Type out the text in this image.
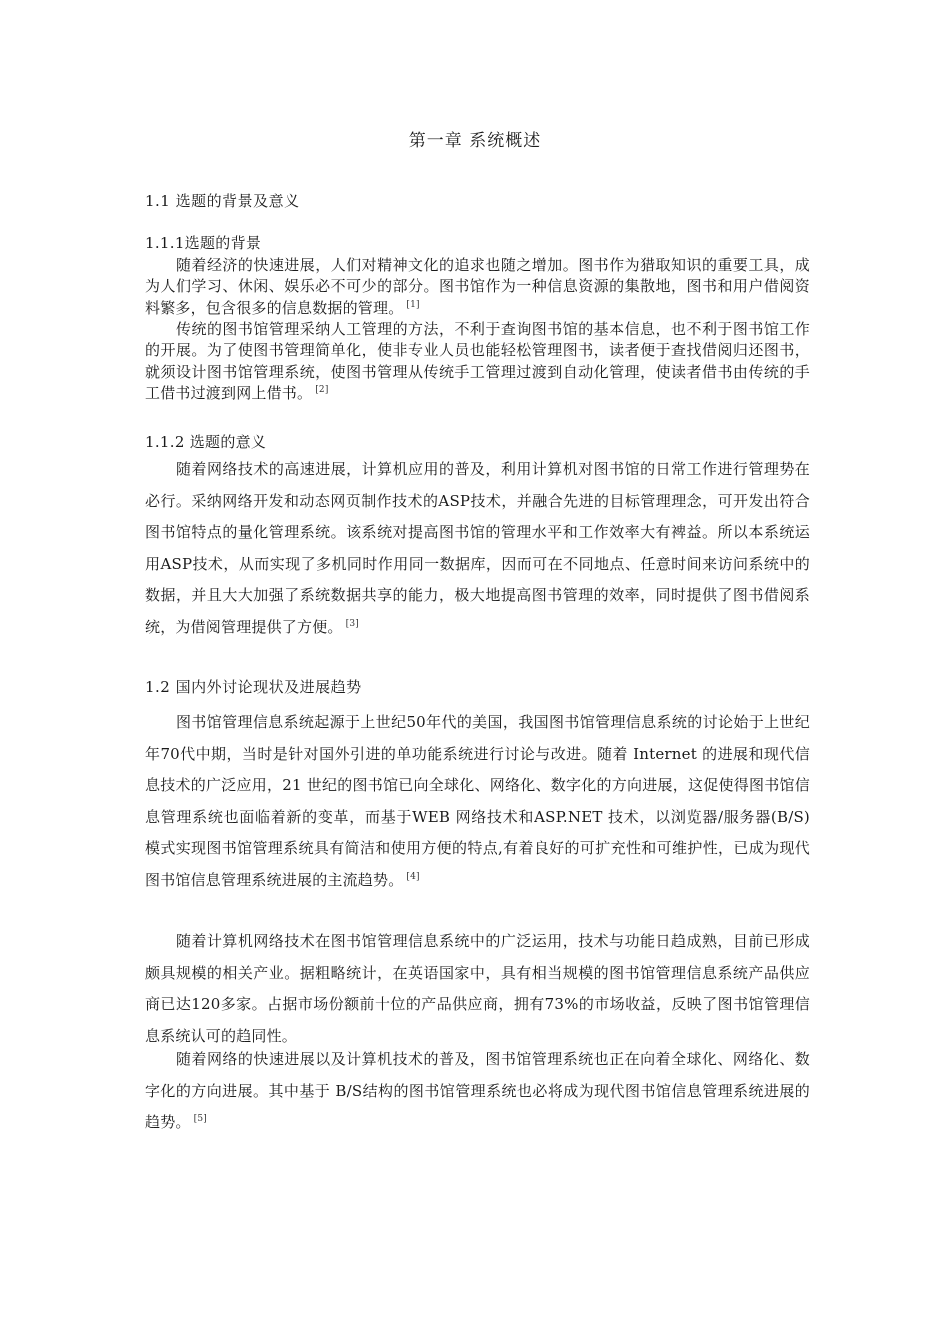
第一章 系统概述
1.1 选题的背景及意义
1.1.1选题的背景
随着经济的快速进展，人们对精神文化的追求也随之增加。图书作为猎取知识的重要工具，成为人们学习、休闲、娱乐必不可少的部分。图书馆作为一种信息资源的集散地，图书和用户借阅资料繁多，包含很多的信息数据的管理。 [1]
传统的图书馆管理采纳人工管理的方法，不利于查询图书馆的基本信息，也不利于图书馆工作的开展。为了使图书管理简单化，使非专业人员也能轻松管理图书，读者便于查找借阅归还图书，就须设计图书馆管理系统，使图书管理从传统手工管理过渡到自动化管理，使读者借书由传统的手工借书过渡到网上借书。 [2]
1.1.2 选题的意义
随着网络技术的高速进展，计算机应用的普及，利用计算机对图书馆的日常工作进行管理势在必行。采纳网络开发和动态网页制作技术的ASP技术，并融合先进的目标管理理念，可开发出符合图书馆特点的量化管理系统。该系统对提高图书馆的管理水平和工作效率大有裨益。所以本系统运用ASP技术，从而实现了多机同时作用同一数据库，因而可在不同地点、任意时间来访问系统中的数据，并且大大加强了系统数据共享的能力，极大地提高图书管理的效率，同时提供了图书借阅系统，为借阅管理提供了方便。 [3]
1.2 国内外讨论现状及进展趋势
图书馆管理信息系统起源于上世纪50年代的美国，我国图书馆管理信息系统的讨论始于上世纪年70代中期，当时是针对国外引进的单功能系统进行讨论与改进。随着 Internet 的进展和现代信息技术的广泛应用，21 世纪的图书馆已向全球化、网络化、数字化的方向进展，这促使得图书馆信息管理系统也面临着新的变革，而基于WEB 网络技术和ASP.NET 技术，以浏览器/服务器(B/S) 模式实现图书馆管理系统具有简洁和使用方便的特点,有着良好的可扩充性和可维护性，已成为现代图书馆信息管理系统进展的主流趋势。 [4]
随着计算机网络技术在图书馆管理信息系统中的广泛运用，技术与功能日趋成熟，目前已形成颇具规模的相关产业。据粗略统计，在英语国家中，具有相当规模的图书馆管理信息系统产品供应商已达120多家。占据市场份额前十位的产品供应商，拥有73%的市场收益，反映了图书馆管理信息系统认可的趋同性。
随着网络的快速进展以及计算机技术的普及，图书馆管理系统也正在向着全球化、网络化、数字化的方向进展。其中基于 B/S结构的图书馆管理系统也必将成为现代图书馆信息管理系统进展的趋势。 [5]
